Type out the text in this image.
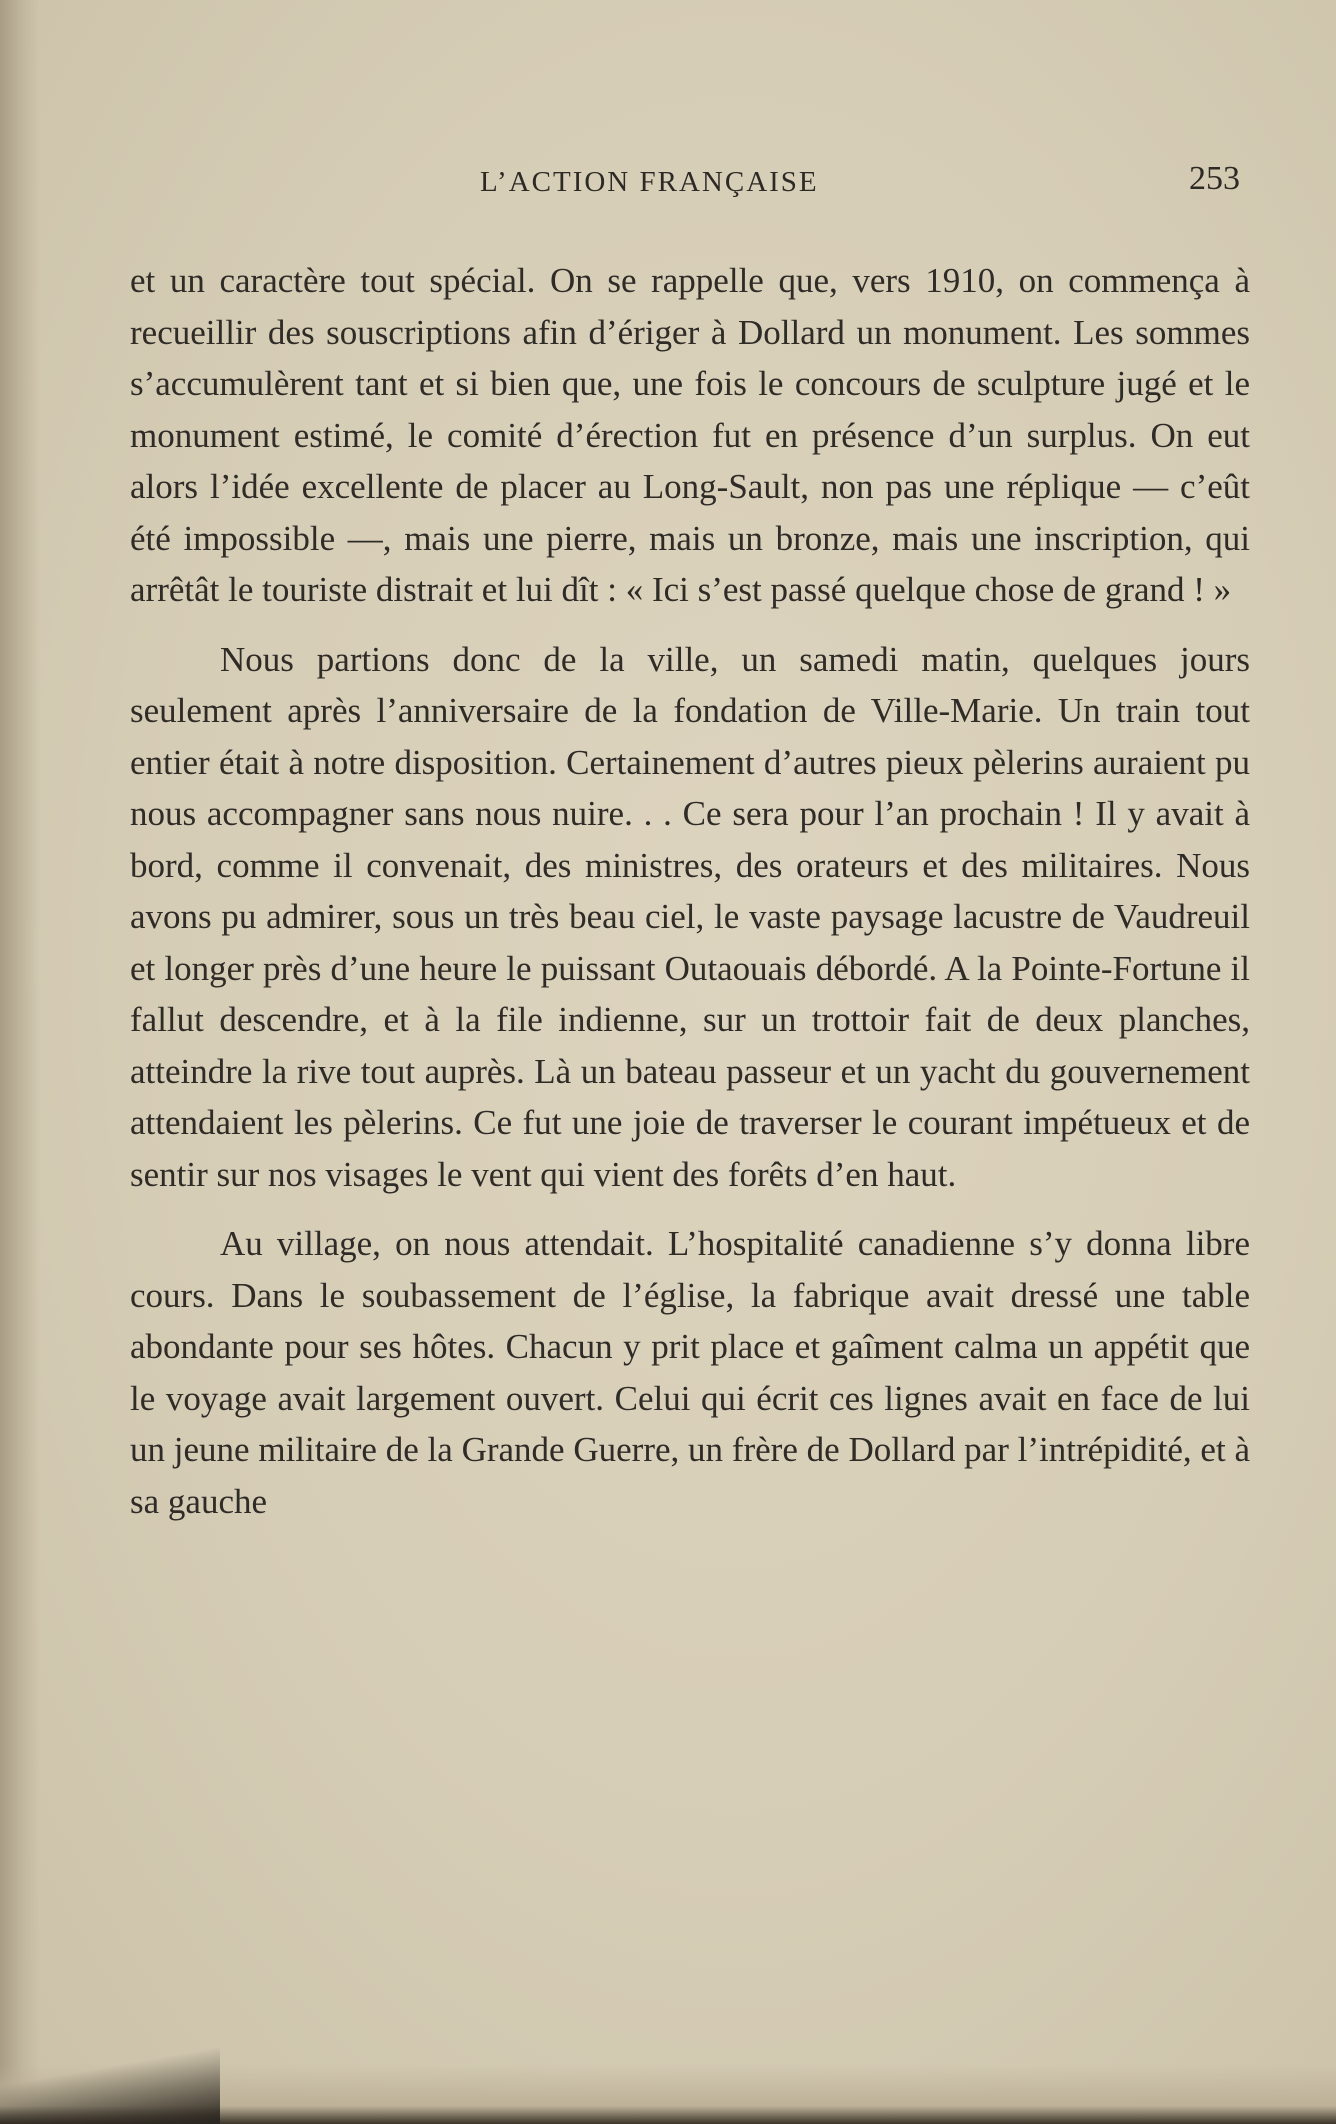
L’ACTION FRANÇAISE	253

et un caractère tout spécial. On se rappelle que, vers 1910, on commença à recueillir des souscriptions afin d’ériger à Dollard un monument. Les sommes s’accumulèrent tant et si bien que, une fois le concours de sculpture jugé et le monument estimé, le comité d’érection fut en présence d’un surplus. On eut alors l’idée excellente de placer au Long-Sault, non pas une réplique — c’eût été impossible —, mais une pierre, mais un bronze, mais une inscription, qui arrêtât le touriste distrait et lui dît : « Ici s’est passé quelque chose de grand ! »

Nous partions donc de la ville, un samedi matin, quelques jours seulement après l’anniversaire de la fondation de Ville-Marie. Un train tout entier était à notre disposition. Certainement d’autres pieux pèlerins auraient pu nous accompagner sans nous nuire. . . Ce sera pour l’an prochain ! Il y avait à bord, comme il convenait, des ministres, des orateurs et des militaires. Nous avons pu admirer, sous un très beau ciel, le vaste paysage lacustre de Vaudreuil et longer près d’une heure le puissant Outaouais débordé. A la Pointe-Fortune il fallut descendre, et à la file indienne, sur un trottoir fait de deux planches, atteindre la rive tout auprès. Là un bateau passeur et un yacht du gouvernement attendaient les pèlerins. Ce fut une joie de traverser le courant impétueux et de sentir sur nos visages le vent qui vient des forêts d’en haut.

Au village, on nous attendait. L’hospitalité canadienne s’y donna libre cours. Dans le soubassement de l’église, la fabrique avait dressé une table abondante pour ses hôtes. Chacun y prit place et gaîment calma un appétit que le voyage avait largement ouvert. Celui qui écrit ces lignes avait en face de lui un jeune militaire de la Grande Guerre, un frère de Dollard par l’intrépidité, et à sa gauche
